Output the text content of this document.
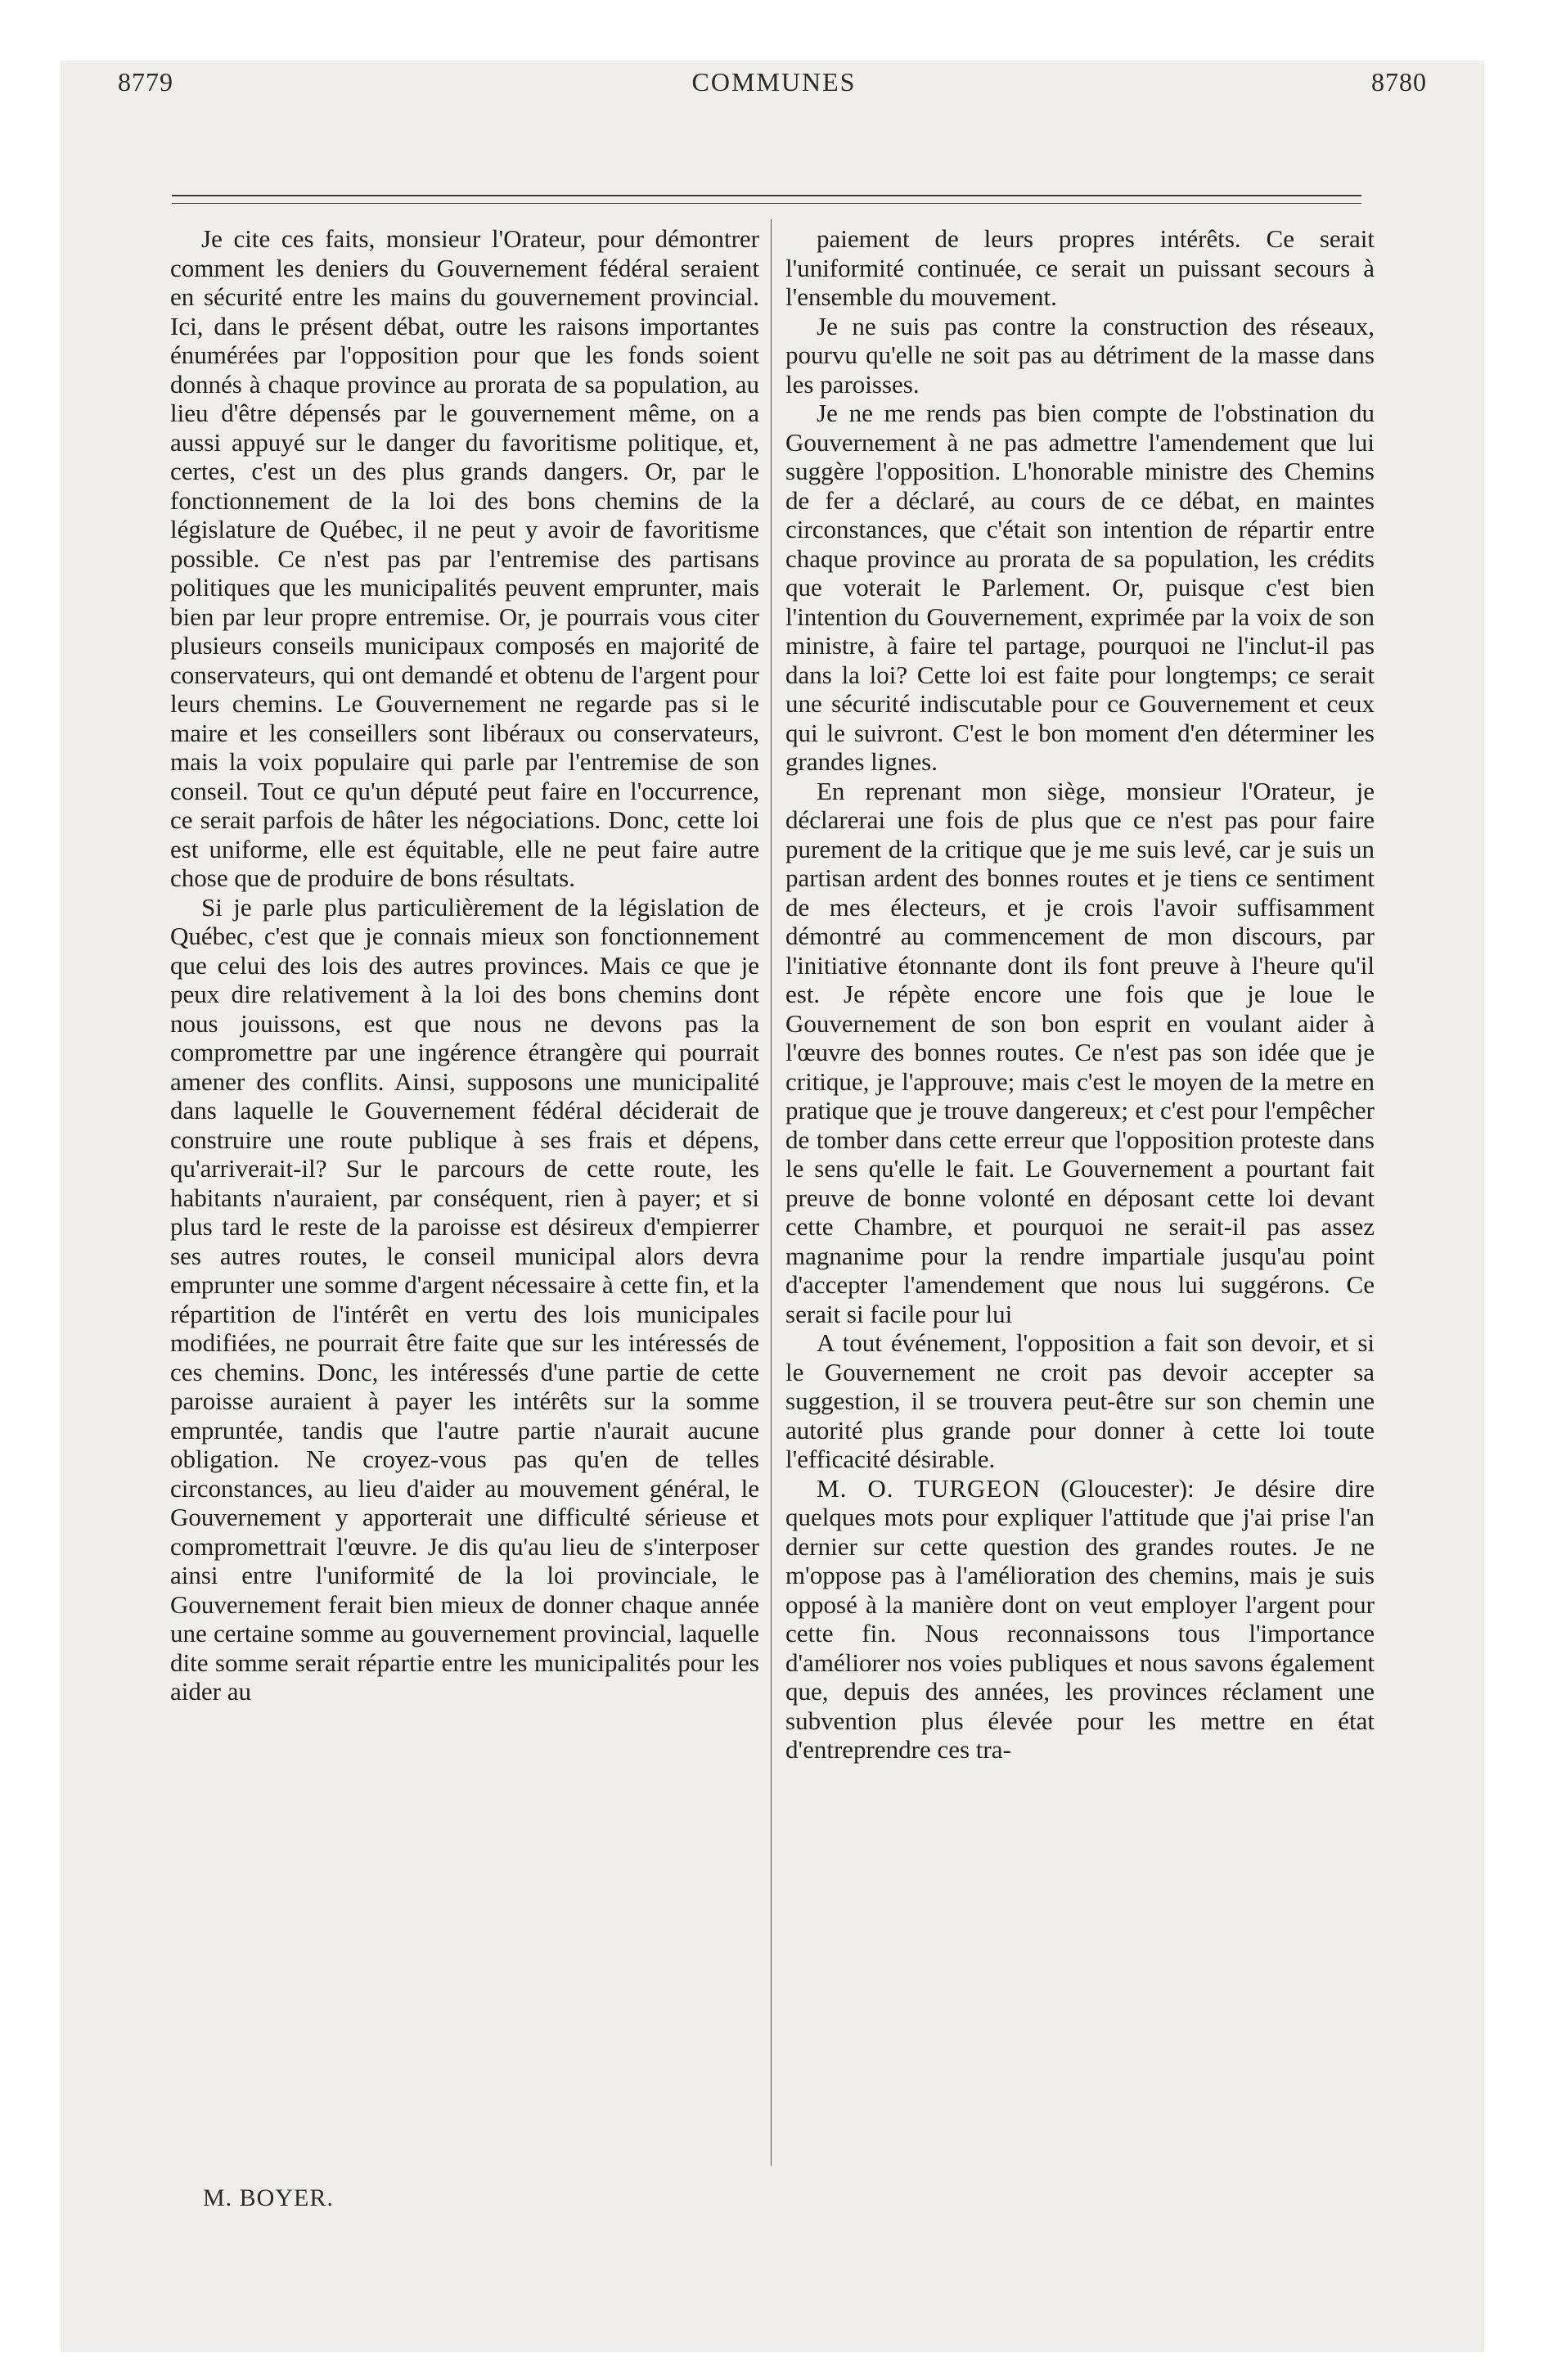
8779	COMMUNES	8780

Je cite ces faits, monsieur l'Orateur, pour démontrer comment les deniers du Gouvernement fédéral seraient en sécurité entre les mains du gouvernement provincial. Ici, dans le présent débat, outre les raisons importantes énumérées par l'opposition pour que les fonds soient donnés à chaque province au prorata de sa population, au lieu d'être dépensés par le gouvernement même, on a aussi appuyé sur le danger du favoritisme politique, et, certes, c'est un des plus grands dangers. Or, par le fonctionnement de la loi des bons chemins de la législature de Québec, il ne peut y avoir de favoritisme possible. Ce n'est pas par l'entremise des partisans politiques que les municipalités peuvent emprunter, mais bien par leur propre entremise. Or, je pourrais vous citer plusieurs conseils municipaux composés en majorité de conservateurs, qui ont demandé et obtenu de l'argent pour leurs chemins. Le Gouvernement ne regarde pas si le maire et les conseillers sont libéraux ou conservateurs, mais la voix populaire qui parle par l'entremise de son conseil. Tout ce qu'un député peut faire en l'occurrence, ce serait parfois de hâter les négociations. Donc, cette loi est uniforme, elle est équitable, elle ne peut faire autre chose que de produire de bons résultats.

Si je parle plus particulièrement de la législation de Québec, c'est que je connais mieux son fonctionnement que celui des lois des autres provinces. Mais ce que je peux dire relativement à la loi des bons chemins dont nous jouissons, est que nous ne devons pas la compromettre par une ingérence étrangère qui pourrait amener des conflits. Ainsi, supposons une municipalité dans laquelle le Gouvernement fédéral déciderait de construire une route publique à ses frais et dépens, qu'arriverait-il? Sur le parcours de cette route, les habitants n'auraient, par conséquent, rien à payer; et si plus tard le reste de la paroisse est désireux d'empierrer ses autres routes, le conseil municipal alors devra emprunter une somme d'argent nécessaire à cette fin, et la répartition de l'intérêt en vertu des lois municipales modifiées, ne pourrait être faite que sur les intéressés de ces chemins. Donc, les intéressés d'une partie de cette paroisse auraient à payer les intérêts sur la somme empruntée, tandis que l'autre partie n'aurait aucune obligation. Ne croyez-vous pas qu'en de telles circonstances, au lieu d'aider au mouvement général, le Gouvernement y apporterait une difficulté sérieuse et compromettrait l'œuvre. Je dis qu'au lieu de s'interposer ainsi entre l'uniformité de la loi provinciale, le Gouvernement ferait bien mieux de donner chaque année une certaine somme au gouvernement provincial, laquelle dite somme serait répartie entre les municipalités pour les aider au

paiement de leurs propres intérêts. Ce serait l'uniformité continuée, ce serait un puissant secours à l'ensemble du mouvement.

Je ne suis pas contre la construction des réseaux, pourvu qu'elle ne soit pas au détriment de la masse dans les paroisses.

Je ne me rends pas bien compte de l'obstination du Gouvernement à ne pas admettre l'amendement que lui suggère l'opposition. L'honorable ministre des Chemins de fer a déclaré, au cours de ce débat, en maintes circonstances, que c'était son intention de répartir entre chaque province au prorata de sa population, les crédits que voterait le Parlement. Or, puisque c'est bien l'intention du Gouvernement, exprimée par la voix de son ministre, à faire tel partage, pourquoi ne l'inclut-il pas dans la loi? Cette loi est faite pour longtemps; ce serait une sécurité indiscutable pour ce Gouvernement et ceux qui le suivront. C'est le bon moment d'en déterminer les grandes lignes.

En reprenant mon siège, monsieur l'Orateur, je déclarerai une fois de plus que ce n'est pas pour faire purement de la critique que je me suis levé, car je suis un partisan ardent des bonnes routes et je tiens ce sentiment de mes électeurs, et je crois l'avoir suffisamment démontré au commencement de mon discours, par l'initiative étonnante dont ils font preuve à l'heure qu'il est. Je répète encore une fois que je loue le Gouvernement de son bon esprit en voulant aider à l'œuvre des bonnes routes. Ce n'est pas son idée que je critique, je l'approuve; mais c'est le moyen de la metre en pratique que je trouve dangereux; et c'est pour l'empêcher de tomber dans cette erreur que l'opposition proteste dans le sens qu'elle le fait. Le Gouvernement a pourtant fait preuve de bonne volonté en déposant cette loi devant cette Chambre, et pourquoi ne serait-il pas assez magnanime pour la rendre impartiale jusqu'au point d'accepter l'amendement que nous lui suggérons. Ce serait si facile pour lui

A tout événement, l'opposition a fait son devoir, et si le Gouvernement ne croit pas devoir accepter sa suggestion, il se trouvera peut-être sur son chemin une autorité plus grande pour donner à cette loi toute l'efficacité désirable.

M. O. TURGEON (Gloucester): Je désire dire quelques mots pour expliquer l'attitude que j'ai prise l'an dernier sur cette question des grandes routes. Je ne m'oppose pas à l'amélioration des chemins, mais je suis opposé à la manière dont on veut employer l'argent pour cette fin. Nous reconnaissons tous l'importance d'améliorer nos voies publiques et nous savons également que, depuis des années, les provinces réclament une subvention plus élevée pour les mettre en état d'entreprendre ces tra-

M. BOYER.
